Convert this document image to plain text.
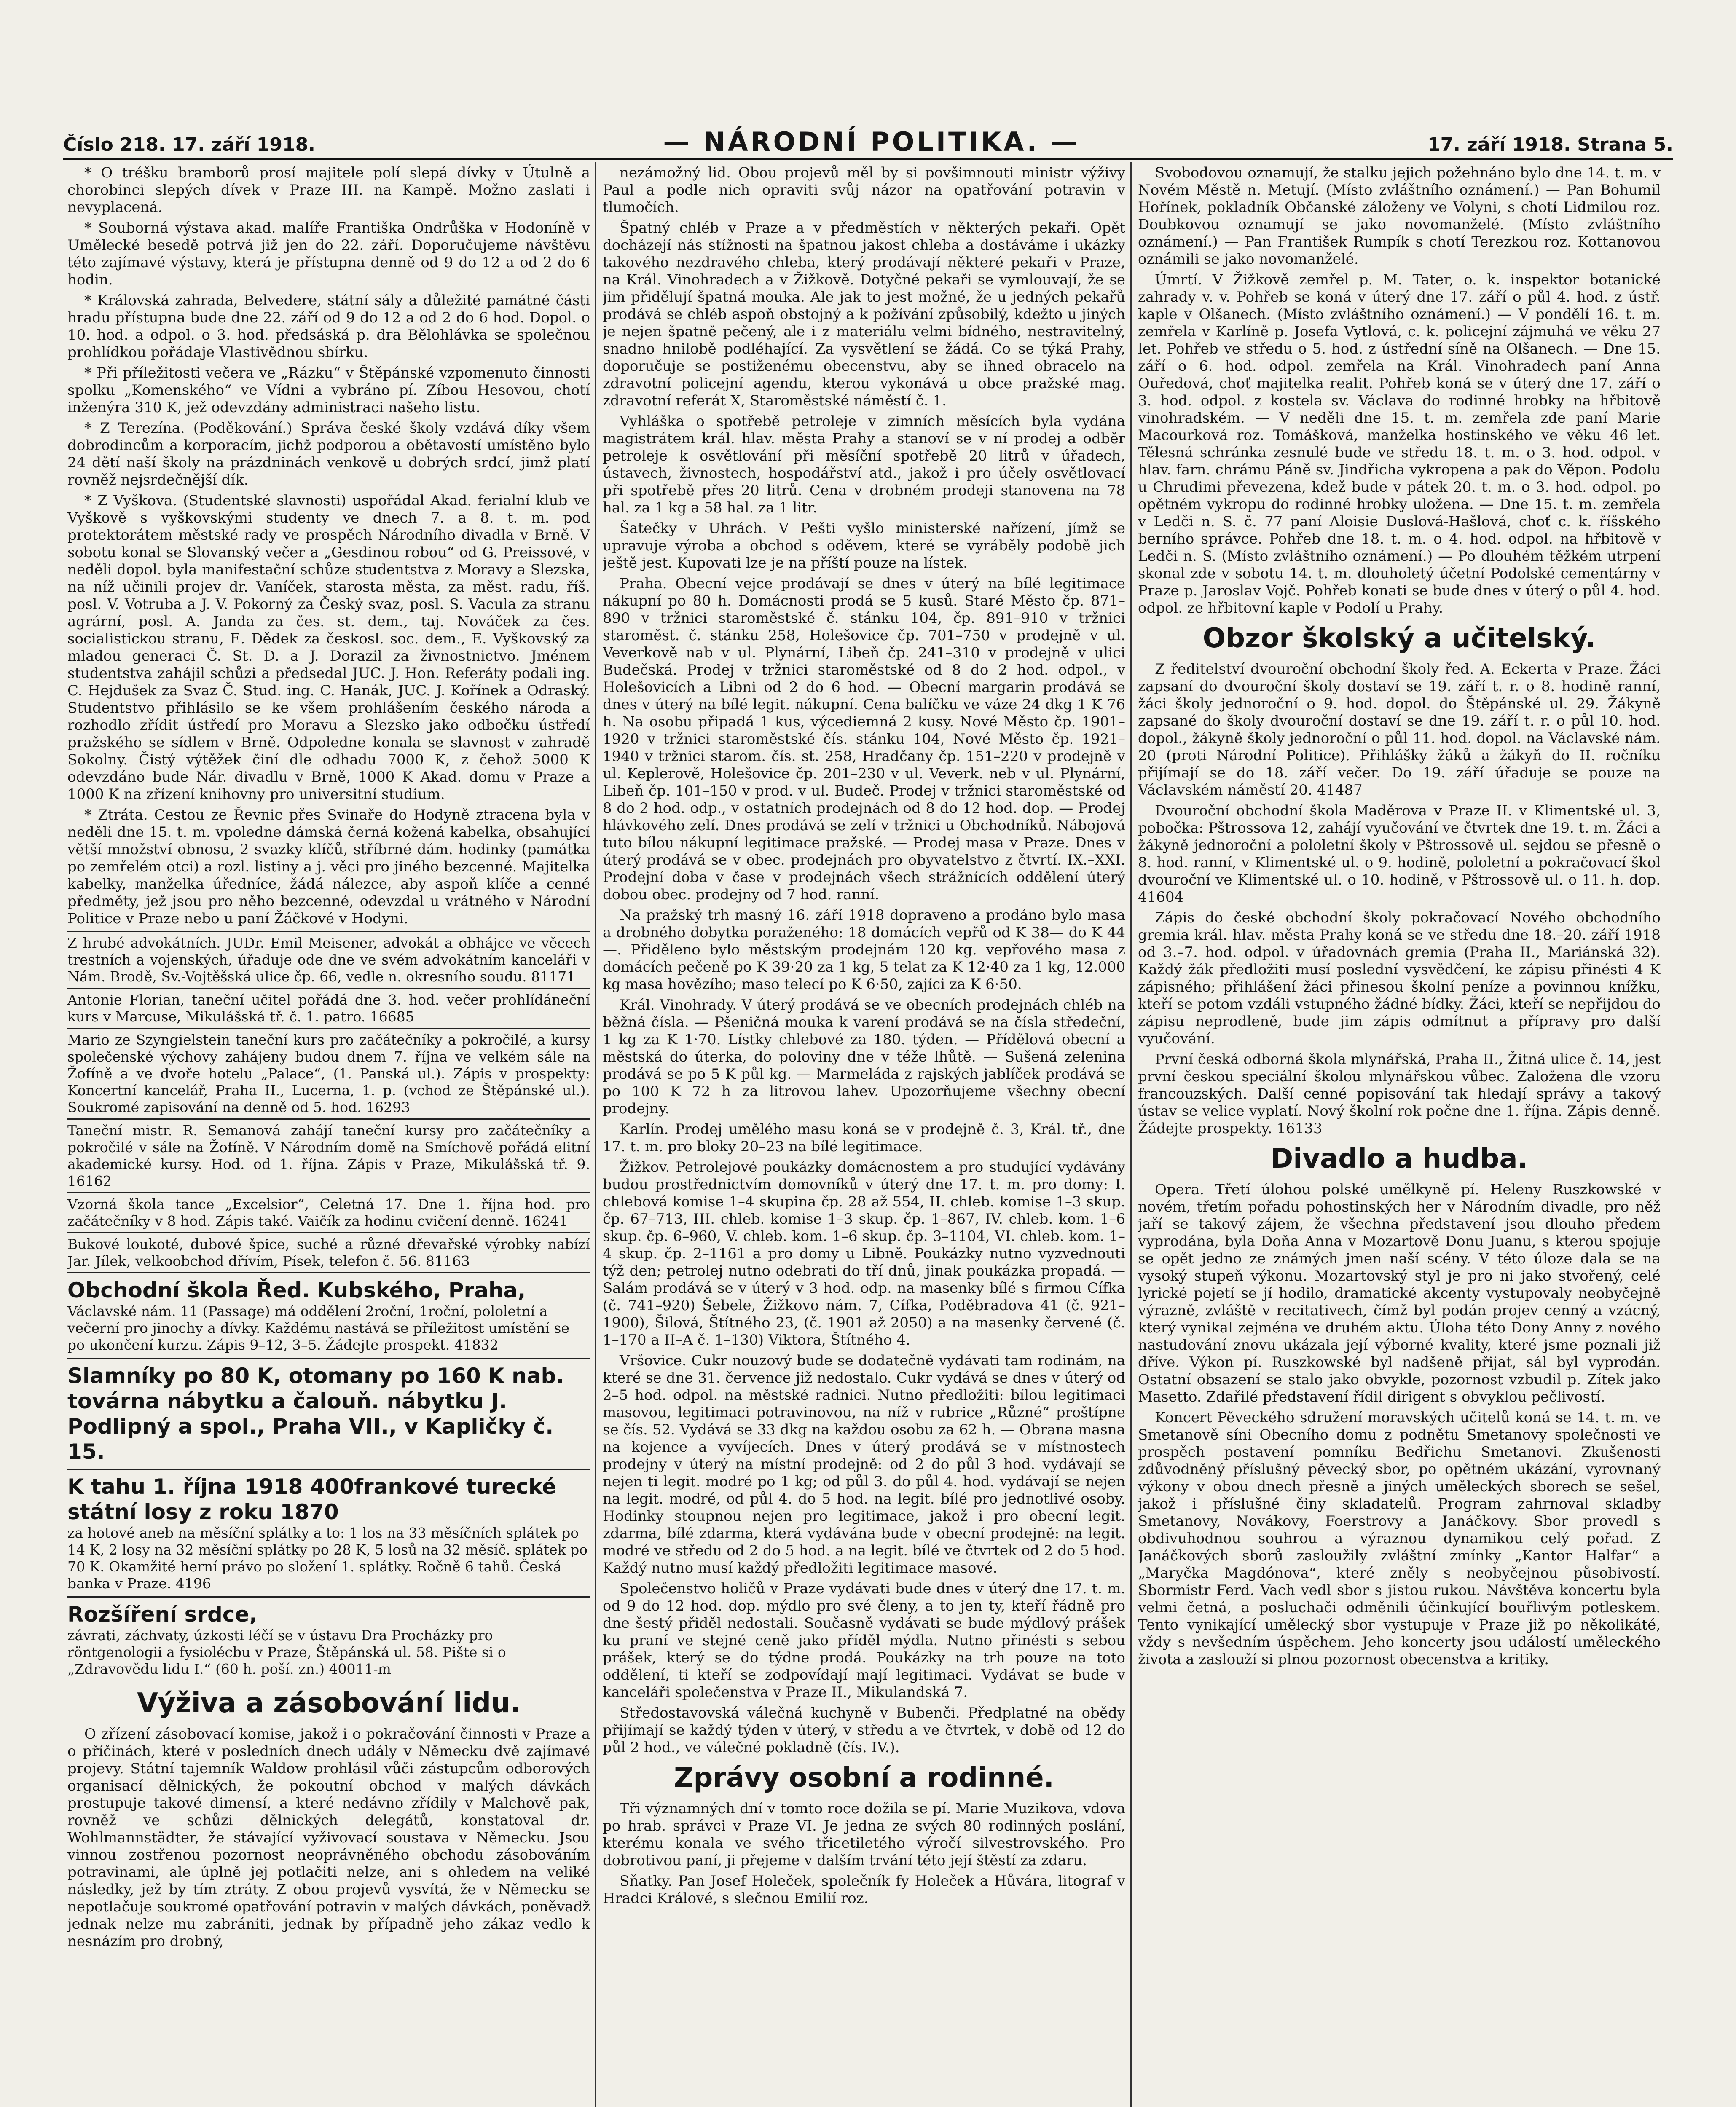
Číslo 218. 17. září 1918.	— NÁRODNÍ POLITIKA. —	17. září 1918. Strana 5.

* O tréšku bramborů prosí majitele polí slepá dívky v Útulně a chorobinci slepých dívek v Praze III. na Kampě. Možno zaslati i nevyplacená.

* Souborná výstava akad. malíře Františka Ondrůška v Hodoníně v Umělecké besedě potrvá již jen do 22. září. Doporučujeme návštěvu této zajímavé výstavy, která je přístupna denně od 9 do 12 a od 2 do 6 hodin.

* Královská zahrada, Belvedere, státní sály a důležité památné části hradu přístupna bude dne 22. září od 9 do 12 a od 2 do 6 hod. Dopol. o 10. hod. a odpol. o 3. hod. předsáská p. dra Bělohlávka se společnou prohlídkou pořádaje Vlastivědnou sbírku.

* Při příležitosti večera ve „Rázku“ v Štěpánské vzpomenuto činnosti spolku „Komenského“ ve Vídni a vybráno pí. Zíbou Hesovou, chotí inženýra 310 K, jež odevzdány administraci našeho listu.

* Z Terezína. (Poděkování.) Správa české školy vzdává díky všem dobrodincům a korporacím, jichž podporou a obětavostí umístěno bylo 24 dětí naší školy na prázdninách venkově u dobrých srdcí, jimž platí rovněž nejsrdečnější dík.

* Z Vyškova. (Studentské slavnosti) uspořádal Akad. ferialní klub ve Vyškově s vyškovskými studenty ve dnech 7. a 8. t. m. pod protektorátem městské rady ve prospěch Národního divadla v Brně. V sobotu konal se Slovanský večer a „Gesdinou robou“ od G. Preissové, v neděli dopol. byla manifestační schůze studentstva z Moravy a Slezska, na níž učinili projev dr. Vaníček, starosta města, za měst. radu, říš. posl. V. Votruba a J. V. Pokorný za Český svaz, posl. S. Vacula za stranu agrární, posl. A. Janda za čes. st. dem., taj. Nováček za čes. socialistickou stranu, E. Dědek za českosl. soc. dem., E. Vyškovský za mladou generaci Č. St. D. a J. Dorazil za živnostnictvo. Jménem studentstva zahájil schůzi a předsedal JUC. J. Hon. Referáty podali ing. C. Hejdušek za Svaz Č. Stud. ing. C. Hanák, JUC. J. Kořínek a Odraský. Studentstvo přihlásilo se ke všem prohlášením českého národa a rozhodlo zřídit ústředí pro Moravu a Slezsko jako odbočku ústředí pražského se sídlem v Brně. Odpoledne konala se slavnost v zahradě Sokolny. Čistý výtěžek činí dle odhadu 7000 K, z čehož 5000 K odevzdáno bude Nár. divadlu v Brně, 1000 K Akad. domu v Praze a 1000 K na zřízení knihovny pro universitní studium.

* Ztráta. Cestou ze Řevnic přes Svinaře do Hodyně ztracena byla v neděli dne 15. t. m. vpoledne dámská černá kožená kabelka, obsahující větší množství obnosu, 2 svazky klíčů, stříbrné dám. hodinky (památka po zemřelém otci) a rozl. listiny a j. věci pro jiného bezcenné. Majitelka kabelky, manželka úředníce, žádá nálezce, aby aspoň klíče a cenné předměty, jež jsou pro něho bezcenné, odevzdal u vrátného v Národní Politice v Praze nebo u paní Žáčkové v Hodyni.

Z hrubé advokátních. JUDr. Emil Meisener, advokát a obhájce ve věcech trestních a vojenských, úřaduje ode dne ve svém advokátním kanceláři v Nám. Brodě, Sv.-Vojtěšská ulice čp. 66, vedle n. okresního soudu. 81171
Antonie Florian, taneční učitel pořádá dne 3. hod. večer prohlídáneční kurs v Marcuse, Mikulášská tř. č. 1. patro. 16685
Mario ze Szyngielstein taneční kurs pro začátečníky a pokročilé, a kursy společenské výchovy zahájeny budou dnem 7. října ve velkém sále na Žofíně a ve dvoře hotelu „Palace“, (1. Panská ul.). Zápis v prospekty: Koncertní kancelář, Praha II., Lucerna, 1. p. (vchod ze Štěpánské ul.). Soukromé zapisování na denně od 5. hod. 16293
Taneční mistr. R. Semanová zahájí taneční kursy pro začátečníky a pokročilé v sále na Žofíně. V Národním domě na Smíchově pořádá elitní akademické kursy. Hod. od 1. října. Zápis v Praze, Mikulášská tř. 9. 16162
Vzorná škola tance „Excelsior“, Celetná 17. Dne 1. října hod. pro začátečníky v 8 hod. Zápis také. Vaičík za hodinu cvičení denně. 16241
Bukové loukoté, dubové špice, suché a různé dřevařské výrobky nabízí Jar. Jílek, velkoobchod dřívím, Písek, telefon č. 56. 81163
Obchodní škola Řed. Kubského, Praha,
Václavské nám. 11 (Passage) má oddělení 2roční, 1roční, pololetní a večerní pro jinochy a dívky. Každému nastává se příležitost umístění se po ukončení kurzu. Zápis 9–12, 3–5. Žádejte prospekt. 41832
Slamníky po 80 K, otomany po 160 K nab. továrna nábytku a čalouň. nábytku J. Podlipný a spol., Praha VII., v Kapličky č. 15.
K tahu 1. října 1918 400frankové turecké státní losy z roku 1870
za hotové aneb na měsíční splátky a to: 1 los na 33 měsíčních splátek po 14 K, 2 losy na 32 měsíční splátky po 28 K, 5 losů na 32 měsíč. splátek po 70 K. Okamžité herní právo po složení 1. splátky. Ročně 6 tahů. Česká banka v Praze. 4196
Rozšíření srdce,
závrati, záchvaty, úzkosti léčí se v ústavu Dra Procházky pro röntgenologii a fysiolécbu v Praze, Štěpánská ul. 58. Pište si o „Zdravovědu lidu I.“ (60 h. poší. zn.) 40011-m
Výživa a zásobování lidu.

O zřízení zásobovací komise, jakož i o pokračování činnosti v Praze a o příčinách, které v posledních dnech udály v Německu dvě zajímavé projevy. Státní tajemník Waldow prohlásil vůči zástupcům odborových organisací dělnických, že pokoutní obchod v malých dávkách prostupuje takové dimensí, a které nedávno zřídily v Malchově pak, rovněž ve schůzi dělnických delegátů, konstatoval dr. Wohlmannstädter, že stávající vyživovací soustava v Německu. Jsou vinnou zostřenou pozornost neoprávněného obchodu zásobováním potravinami, ale úplně jej potlačiti nelze, ani s ohledem na veliké následky, jež by tím ztráty. Z obou projevů vysvítá, že v Německu se nepotlačuje soukromé opatřování potravin v malých dávkách, poněvadž jednak nelze mu zabrániti, jednak by případně jeho zákaz vedlo k nesnázím pro drobný,

nezámožný lid. Obou projevů měl by si povšimnouti ministr výživy Paul a podle nich opraviti svůj názor na opatřování potravin v tlumočích.

Špatný chléb v Praze a v předměstích v některých pekaři. Opět docházejí nás stížnosti na špatnou jakost chleba a dostáváme i ukázky takového nezdravého chleba, který prodávají některé pekaři v Praze, na Král. Vinohradech a v Žižkově. Dotyčné pekaři se vymlouvají, že se jim přidělují špatná mouka. Ale jak to jest možné, že u jedných pekařů prodává se chléb aspoň obstojný a k požívání způsobilý, kdežto u jiných je nejen špatně pečený, ale i z materiálu velmi bídného, nestravitelný, snadno hnilobě podléhající. Za vysvětlení se žádá. Co se týká Prahy, doporučuje se postiženému obecenstvu, aby se ihned obracelo na zdravotní policejní agendu, kterou vykonává u obce pražské mag. zdravotní referát X, Staroměstské náměstí č. 1.

Vyhláška o spotřebě petroleje v zimních měsících byla vydána magistrátem král. hlav. města Prahy a stanoví se v ní prodej a odběr petroleje k osvětlování při měsíční spotřebě 20 litrů v úřadech, ústavech, živnostech, hospodářství atd., jakož i pro účely osvětlovací při spotřebě přes 20 litrů. Cena v drobném prodeji stanovena na 78 hal. za 1 kg a 58 hal. za 1 litr.

Šatečky v Uhrách. V Pešti vyšlo ministerské nařízení, jímž se upravuje výroba a obchod s oděvem, které se vyráběly podobě jich ještě jest. Kupovati lze je na příští pouze na lístek.

Praha. Obecní vejce prodávají se dnes v úterý na bílé legitimace nákupní po 80 h. Domácnosti prodá se 5 kusů. Staré Město čp. 871–890 v tržnici staroměstské č. stánku 104, čp. 891–910 v tržnici staroměst. č. stánku 258, Holešovice čp. 701–750 v prodejně v ul. Veverkově nab v ul. Plynární, Libeň čp. 241–310 v prodejně v ulici Budečská. Prodej v tržnici staroměstské od 8 do 2 hod. odpol., v Holešovicích a Libni od 2 do 6 hod. — Obecní margarin prodává se dnes v úterý na bílé legit. nákupní. Cena balíčku ve váze 24 dkg 1 K 76 h. Na osobu připadá 1 kus, výcediemná 2 kusy. Nové Město čp. 1901–1920 v tržnici staroměstské čís. stánku 104, Nové Město čp. 1921–1940 v tržnici starom. čís. st. 258, Hradčany čp. 151–220 v prodejně v ul. Keplerově, Holešovice čp. 201–230 v ul. Veverk. neb v ul. Plynární, Libeň čp. 101–150 v prod. v ul. Budeč. Prodej v tržnici staroměstské od 8 do 2 hod. odp., v ostatních prodejnách od 8 do 12 hod. dop. — Prodej hlávkového zelí. Dnes prodává se zelí v tržnici u Obchodníků. Nábojová tuto bílou nákupní legitimace pražské. — Prodej masa v Praze. Dnes v úterý prodává se v obec. prodejnách pro obyvatelstvo z čtvrtí. IX.–XXI. Prodejní doba v čase v prodejnách všech strážnících oddělení úterý dobou obec. prodejny od 7 hod. ranní.

Na pražský trh masný 16. září 1918 dopraveno a prodáno bylo masa a drobného dobytka poraženého: 18 domácích vepřů od K 38— do K 44—. Přiděleno bylo městským prodejnám 120 kg. vepřového masa z domácích pečeně po K 39·20 za 1 kg, 5 telat za K 12·40 za 1 kg, 12.000 kg masa hovězího; maso telecí po K 6·50, zajíci za K 6·50.

Král. Vinohrady. V úterý prodává se ve obecních prodejnách chléb na běžná čísla. — Pšeničná mouka k varení prodává se na čísla středeční, 1 kg za K 1·70. Lístky chlebové za 180. týden. — Přídělová obecní a městská do úterka, do poloviny dne v téže lhůtě. — Sušená zelenina prodává se po 5 K půl kg. — Marmeláda z rajských jablíček prodává se po 100 K 72 h za litrovou lahev. Upozorňujeme všechny obecní prodejny.

Karlín. Prodej umělého masu koná se v prodejně č. 3, Král. tř., dne 17. t. m. pro bloky 20–23 na bílé legitimace.

Žižkov. Petrolejové poukázky domácnostem a pro studující vydávány budou prostřednictvím domovníků v úterý dne 17. t. m. pro domy: I. chlebová komise 1–4 skupina čp. 28 až 554, II. chleb. komise 1–3 skup. čp. 67–713, III. chleb. komise 1–3 skup. čp. 1–867, IV. chleb. kom. 1–6 skup. čp. 6–960, V. chleb. kom. 1–6 skup. čp. 3–1104, VI. chleb. kom. 1–4 skup. čp. 2–1161 a pro domy u Libně. Poukázky nutno vyzvednouti týž den; petrolej nutno odebrati do tří dnů, jinak poukázka propadá. — Salám prodává se v úterý v 3 hod. odp. na masenky bílé s firmou Cífka (č. 741–920) Šebele, Žižkovo nám. 7, Cífka, Poděbradova 41 (č. 921–1900), Šilová, Štítného 23, (č. 1901 až 2050) a na masenky červené (č. 1–170 a II–A č. 1–130) Viktora, Štítného 4.

Vršovice. Cukr nouzový bude se dodatečně vydávati tam rodinám, na které se dne 31. července již nedostalo. Cukr vydává se dnes v úterý od 2–5 hod. odpol. na městské radnici. Nutno předložiti: bílou legitimaci masovou, legitimaci potravinovou, na níž v rubrice „Různé“ proštípne se čís. 52. Vydává se 33 dkg na každou osobu za 62 h. — Obrana masna na kojence a vyvíjecích. Dnes v úterý prodává se v místnostech prodejny v úterý na místní prodejně: od 2 do půl 3 hod. vydávají se nejen ti legit. modré po 1 kg; od půl 3. do půl 4. hod. vydávají se nejen na legit. modré, od půl 4. do 5 hod. na legit. bílé pro jednotlivé osoby. Hodinky stoupnou nejen pro legitimace, jakož i pro obecní legit. zdarma, bílé zdarma, která vydávána bude v obecní prodejně: na legit. modré ve středu od 2 do 5 hod. a na legit. bílé ve čtvrtek od 2 do 5 hod. Každý nutno musí každý předložiti legitimace masové.

Společenstvo holičů v Praze vydávati bude dnes v úterý dne 17. t. m. od 9 do 12 hod. dop. mýdlo pro své členy, a to jen ty, kteří řádně pro dne šestý přiděl nedostali. Současně vydávati se bude mýdlový prášek ku praní ve stejné ceně jako příděl mýdla. Nutno přinésti s sebou prášek, který se do týdne prodá. Poukázky na trh pouze na toto oddělení, ti kteří se zodpovídají mají legitimaci. Vydávat se bude v kanceláři společenstva v Praze II., Mikulandská 7.

Středostavovská válečná kuchyně v Bubenči. Předplatné na obědy přijímají se každý týden v úterý, v středu a ve čtvrtek, v době od 12 do půl 2 hod., ve válečné pokladně (čís. IV.).

Zprávy osobní a rodinné.

Tři významných dní v tomto roce dožila se pí. Marie Muzikova, vdova po hrab. správci v Praze VI. Je jedna ze svých 80 rodinných poslání, kterému konala ve svého třicetiletého výročí silvestrovského. Pro dobrotivou paní, ji přejeme v dalším trvání této její štěstí za zdaru.

Sňatky. Pan Josef Holeček, společník fy Holeček a Hůvára, litograf v Hradci Králové, s slečnou Emilií roz.

Svobodovou oznamují, že stalku jejich požehnáno bylo dne 14. t. m. v Novém Městě n. Metují. (Místo zvláštního oznámení.) — Pan Bohumil Hořínek, pokladník Občanské záloženy ve Volyni, s chotí Lidmilou roz. Doubkovou oznamují se jako novomanželé. (Místo zvláštního oznámení.) — Pan František Rumpík s chotí Terezkou roz. Kottanovou oznámili se jako novomanželé.

Úmrtí. V Žižkově zemřel p. M. Tater, o. k. inspektor botanické zahrady v. v. Pohřeb se koná v úterý dne 17. září o půl 4. hod. z ústř. kaple v Olšanech. (Místo zvláštního oznámení.) — V pondělí 16. t. m. zemřela v Karlíně p. Josefa Vytlová, c. k. policejní zájmuhá ve věku 27 let. Pohřeb ve středu o 5. hod. z ústřední síně na Olšanech. — Dne 15. září o 6. hod. odpol. zemřela na Král. Vinohradech paní Anna Ouředová, choť majitelka realit. Pohřeb koná se v úterý dne 17. září o 3. hod. odpol. z kostela sv. Václava do rodinné hrobky na hřbitově vinohradském. — V neděli dne 15. t. m. zemřela zde paní Marie Macourková roz. Tomášková, manželka hostinského ve věku 46 let. Tělesná schránka zesnulé bude ve středu 18. t. m. o 3. hod. odpol. v hlav. farn. chrámu Páně sv. Jindřicha vykropena a pak do Věpon. Podolu u Chrudimi převezena, kdež bude v pátek 20. t. m. o 3. hod. odpol. po opětném vykropu do rodinné hrobky uložena. — Dne 15. t. m. zemřela v Ledči n. S. č. 77 paní Aloisie Duslová-Hašlová, choť c. k. říšského berního správce. Pohřeb dne 18. t. m. o 4. hod. odpol. na hřbitově v Ledči n. S. (Místo zvláštního oznámení.) — Po dlouhém těžkém utrpení skonal zde v sobotu 14. t. m. dlouholetý účetní Podolské cementárny v Praze p. Jaroslav Vojč. Pohřeb konati se bude dnes v úterý o půl 4. hod. odpol. ze hřbitovní kaple v Podolí u Prahy.

Obzor školský a učitelský.

Z ředitelství dvouroční obchodní školy řed. A. Eckerta v Praze. Žáci zapsaní do dvouroční školy dostaví se 19. září t. r. o 8. hodině ranní, žáci školy jednoroční o 9. hod. dopol. do Štěpánské ul. 29. Žákyně zapsané do školy dvouroční dostaví se dne 19. září t. r. o půl 10. hod. dopol., žákyně školy jednoroční o půl 11. hod. dopol. na Václavské nám. 20 (proti Národní Politice). Přihlášky žáků a žákyň do II. ročníku přijímají se do 18. září večer. Do 19. září úřaduje se pouze na Václavském náměstí 20. 41487

Dvouroční obchodní škola Maděrova v Praze II. v Klimentské ul. 3, pobočka: Pštrossova 12, zahájí vyučování ve čtvrtek dne 19. t. m. Žáci a žákyně jednoroční a pololetní školy v Pštrossově ul. sejdou se přesně o 8. hod. ranní, v Klimentské ul. o 9. hodině, pololetní a pokračovací škol dvouroční ve Klimentské ul. o 10. hodině, v Pštrossově ul. o 11. h. dop. 41604

Zápis do české obchodní školy pokračovací Nového obchodního gremia král. hlav. města Prahy koná se ve středu dne 18.–20. září 1918 od 3.–7. hod. odpol. v úřadovnách gremia (Praha II., Mariánská 32). Každý žák předložiti musí poslední vysvědčení, ke zápisu přinésti 4 K zápisného; přihlášení žáci přinesou školní peníze a povinnou knížku, kteří se potom vzdáli vstupného žádné bídky. Žáci, kteří se nepřijdou do zápisu neprodleně, bude jim zápis odmítnut a přípravy pro další vyučování.

První česká odborná škola mlynářská, Praha II., Žitná ulice č. 14, jest první českou speciální školou mlynářskou vůbec. Založena dle vzoru francouzských. Další cenné popisování tak hledají správy a takový ústav se velice vyplatí. Nový školní rok počne dne 1. října. Zápis denně. Žádejte prospekty. 16133

Divadlo a hudba.

Opera. Třetí úlohou polské umělkyně pí. Heleny Ruszkowské v novém, třetím pořadu pohostinských her v Národním divadle, pro něž jaří se takový zájem, že všechna představení jsou dlouho předem vyprodána, byla Doňa Anna v Mozartově Donu Juanu, s kterou spojuje se opět jedno ze známých jmen naší scény. V této úloze dala se na vysoký stupeň výkonu. Mozartovský styl je pro ni jako stvořený, celé lyrické pojetí se jí hodilo, dramatické akcenty vystupovaly neobyčejně výrazně, zvláště v recitativech, čímž byl podán projev cenný a vzácný, který vynikal zejména ve druhém aktu. Úloha této Dony Anny z nového nastudování znovu ukázala její výborné kvality, které jsme poznali již dříve. Výkon pí. Ruszkowské byl nadšeně přijat, sál byl vyprodán. Ostatní obsazení se stalo jako obvykle, pozornost vzbudil p. Zítek jako Masetto. Zdařilé představení řídil dirigent s obvyklou pečlivostí.

Koncert Pěveckého sdružení moravských učitelů koná se 14. t. m. ve Smetanově síni Obecního domu z podnětu Smetanovy společnosti ve prospěch postavení pomníku Bedřichu Smetanovi. Zkušenosti zdůvodněný příslušný pěvecký sbor, po opětném ukázání, vyrovnaný výkony v obou dnech přesně a jiných uměleckých sborech se sešel, jakož i příslušné činy skladatelů. Program zahrnoval skladby Smetanovy, Novákovy, Foerstrovy a Janáčkovy. Sbor provedl s obdivuhodnou souhrou a výraznou dynamikou celý pořad. Z Janáčkových sborů zasloužily zvláštní zmínky „Kantor Halfar“ a „Maryčka Magdónova“, které zněly s neobyčejnou působivostí. Sbormistr Ferd. Vach vedl sbor s jistou rukou. Návštěva koncertu byla velmi četná, a posluchači odměnili účinkující bouřlivým potleskem. Tento vynikající umělecký sbor vystupuje v Praze již po několikáté, vždy s nevšedním úspěchem. Jeho koncerty jsou událostí uměleckého života a zaslouží si plnou pozornost obecenstva a kritiky.
